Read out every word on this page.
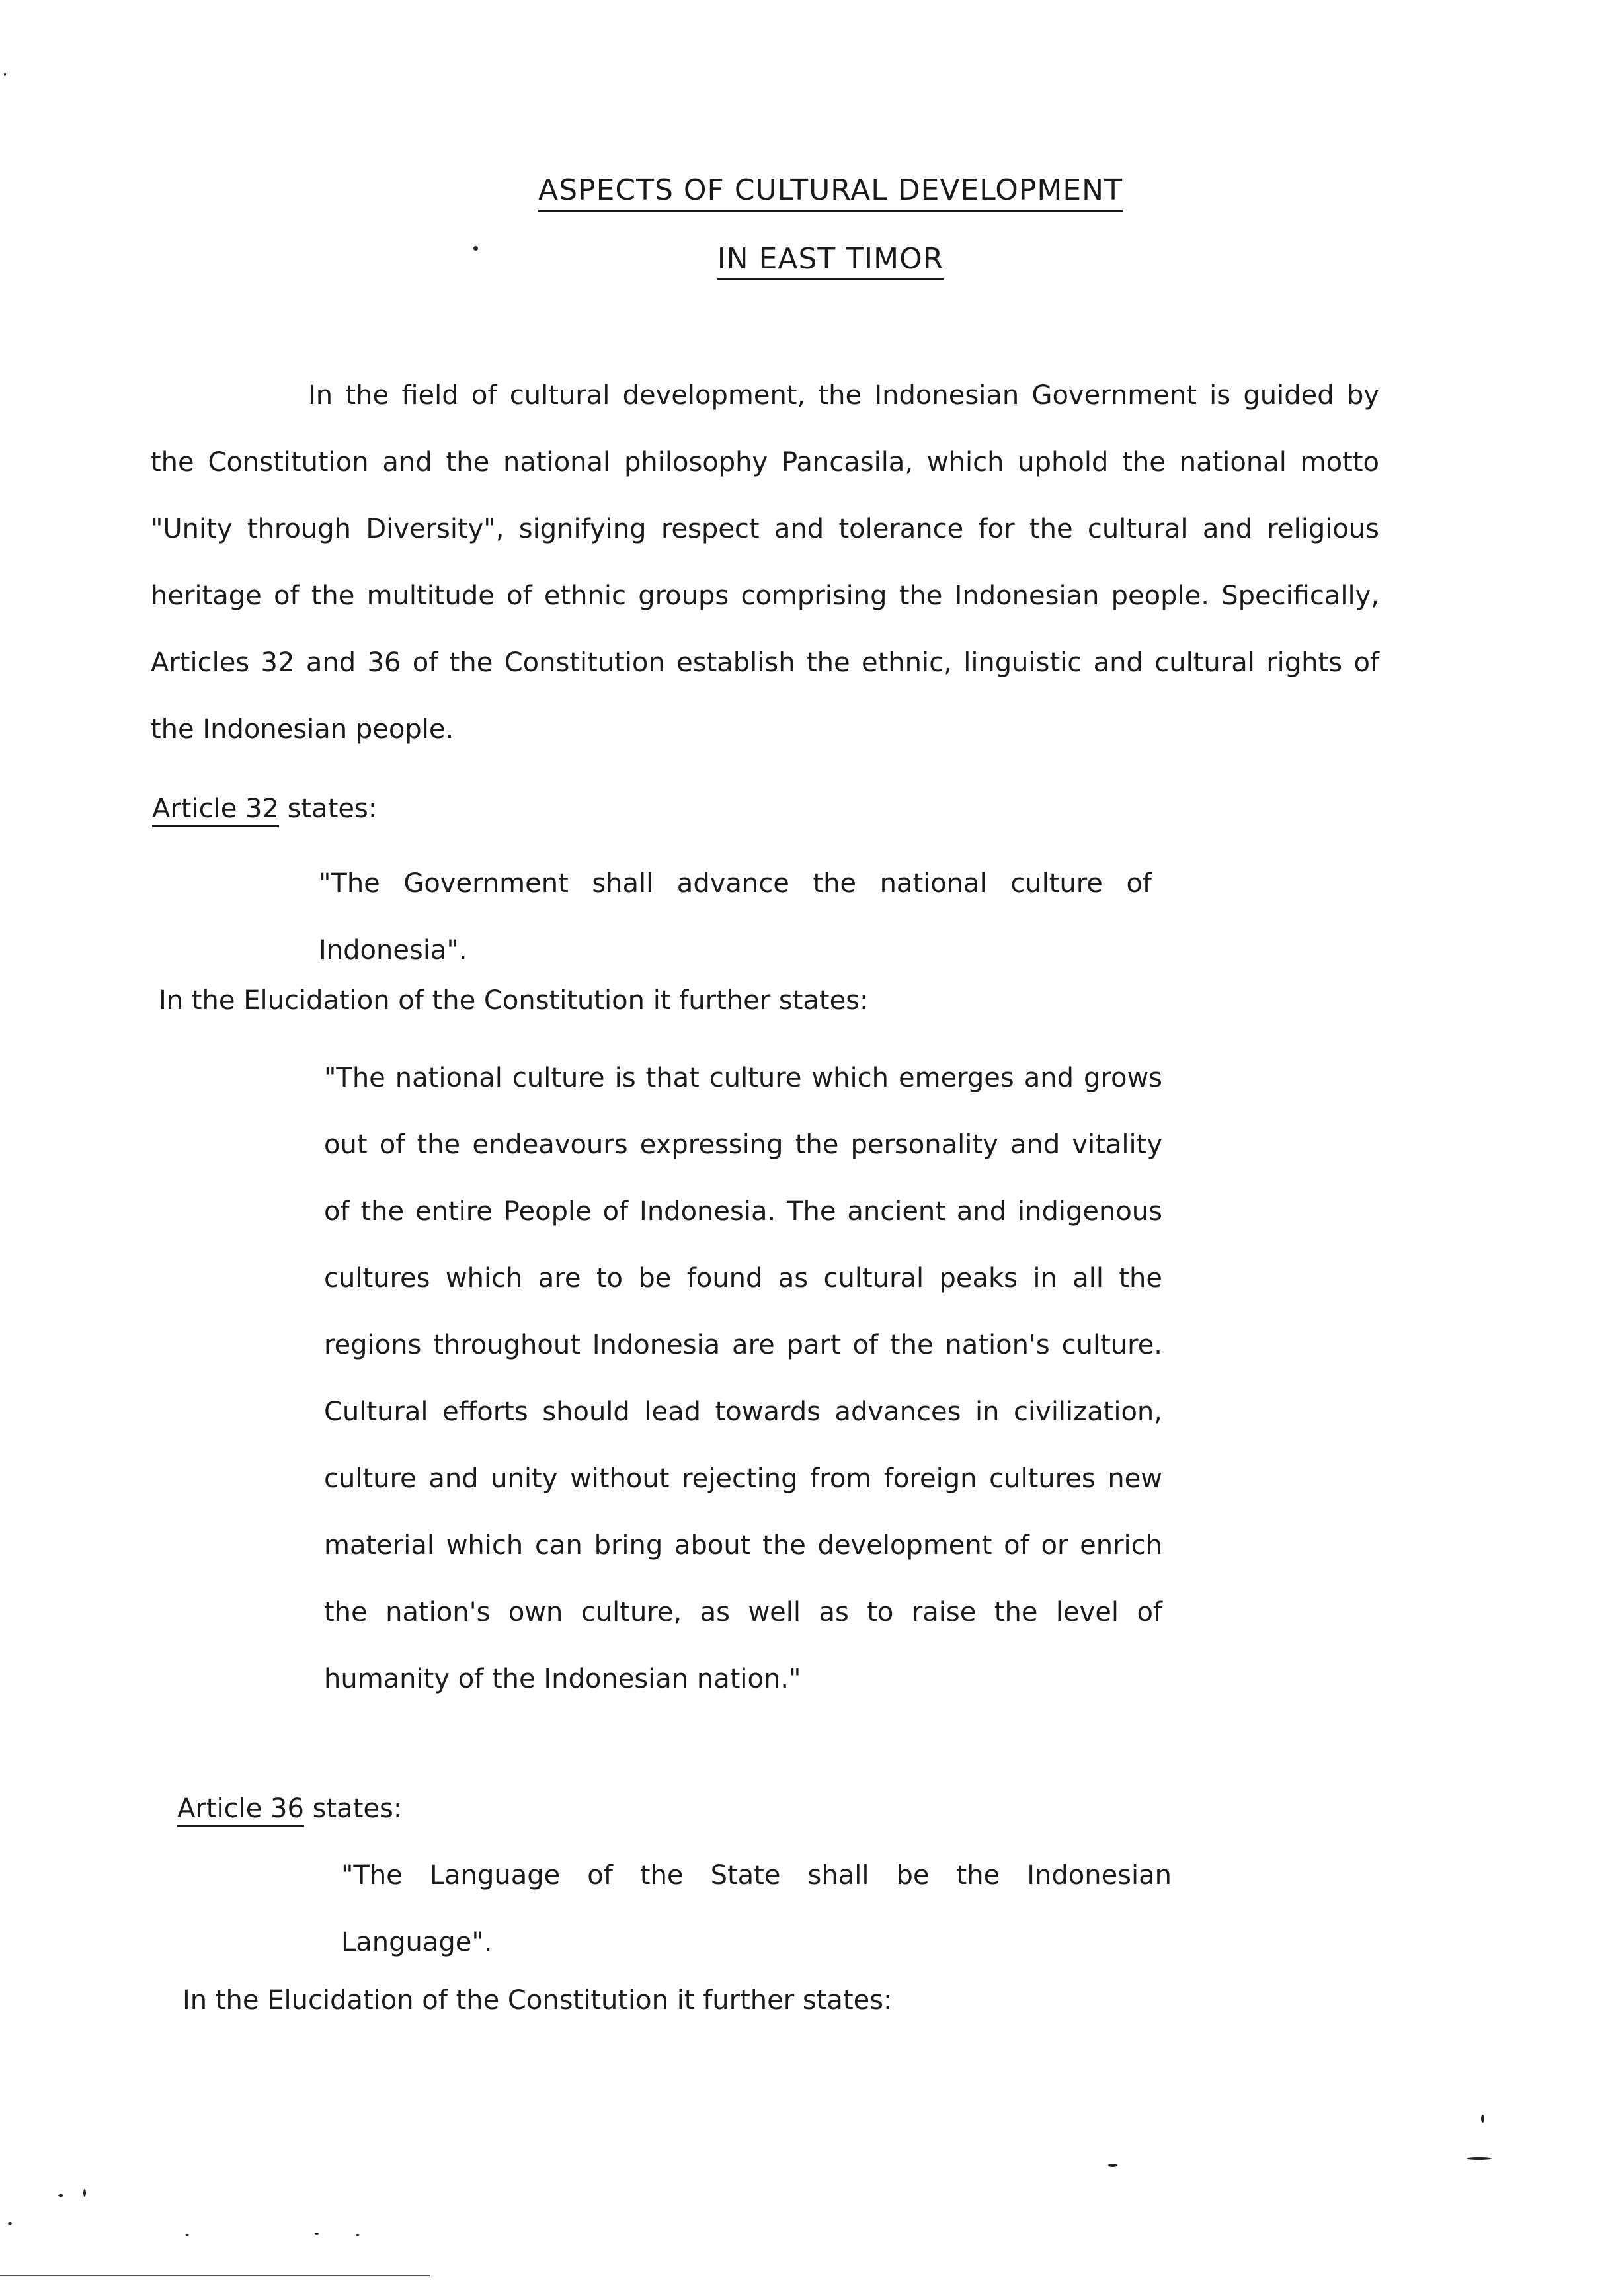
ASPECTS OF CULTURAL DEVELOPMENT
IN EAST TIMOR
In the field of cultural development, the Indonesian Government is guided by the Constitution and the national philosophy Pancasila, which uphold the national motto "Unity through Diversity", signifying respect and tolerance for the cultural and religious heritage of the multitude of ethnic groups comprising the Indonesian people. Specifically, Articles 32 and 36 of the Constitution establish the ethnic, linguistic and cultural rights of the Indonesian people.
Article 32 states:
"The Government shall advance the national culture of Indonesia".
In the Elucidation of the Constitution it further states:
"The national culture is that culture which emerges and grows out of the endeavours expressing the personality and vitality of the entire People of Indonesia. The ancient and indigenous cultures which are to be found as cultural peaks in all the regions throughout Indonesia are part of the nation's culture. Cultural efforts should lead towards advances in civilization, culture and unity without rejecting from foreign cultures new material which can bring about the development of or enrich the nation's own culture, as well as to raise the level of humanity of the Indonesian nation."
Article 36 states:
"The Language of the State shall be the Indonesian Language".
In the Elucidation of the Constitution it further states:
